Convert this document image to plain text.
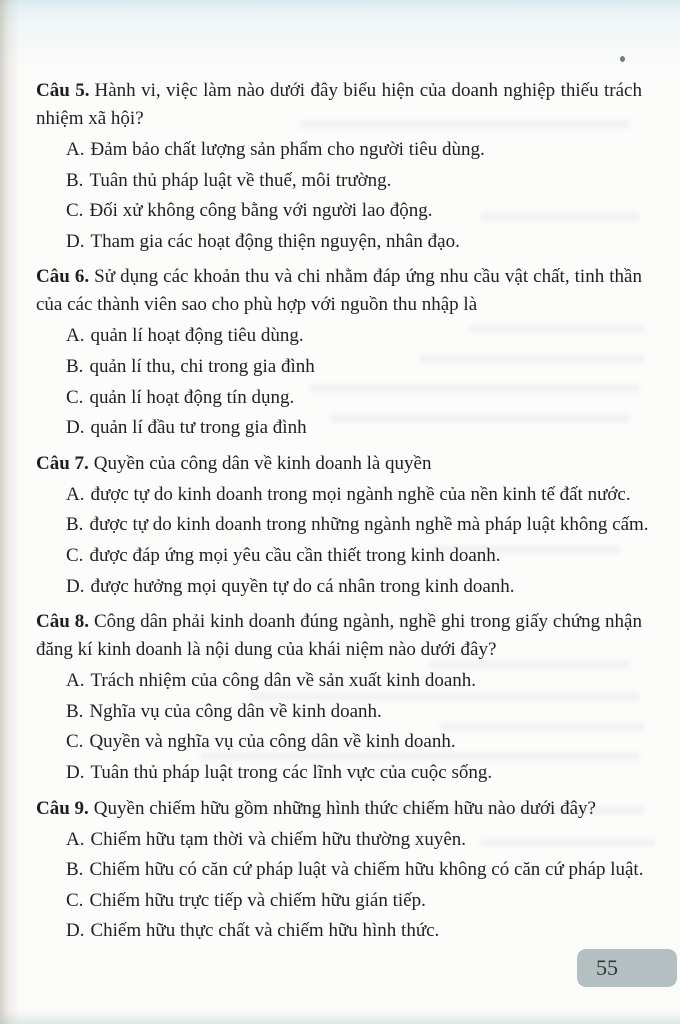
Câu 5. Hành vi, việc làm nào dưới đây biểu hiện của doanh nghiệp thiếu trách nhiệm xã hội?

A. Đảm bảo chất lượng sản phẩm cho người tiêu dùng.

B. Tuân thủ pháp luật về thuế, môi trường.

C. Đối xử không công bằng với người lao động.

D. Tham gia các hoạt động thiện nguyện, nhân đạo.

Câu 6. Sử dụng các khoản thu và chi nhằm đáp ứng nhu cầu vật chất, tinh thần của các thành viên sao cho phù hợp với nguồn thu nhập là

A. quản lí hoạt động tiêu dùng.

B. quản lí thu, chi trong gia đình

C. quản lí hoạt động tín dụng.

D. quản lí đầu tư trong gia đình

Câu 7. Quyền của công dân về kinh doanh là quyền

A. được tự do kinh doanh trong mọi ngành nghề của nền kinh tế đất nước.

B. được tự do kinh doanh trong những ngành nghề mà pháp luật không cấm.

C. được đáp ứng mọi yêu cầu cần thiết trong kinh doanh.

D. được hưởng mọi quyền tự do cá nhân trong kinh doanh.

Câu 8. Công dân phải kinh doanh đúng ngành, nghề ghi trong giấy chứng nhận đăng kí kinh doanh là nội dung của khái niệm nào dưới đây?

A. Trách nhiệm của công dân về sản xuất kinh doanh.

B. Nghĩa vụ của công dân về kinh doanh.

C. Quyền và nghĩa vụ của công dân về kinh doanh.

D. Tuân thủ pháp luật trong các lĩnh vực của cuộc sống.

Câu 9. Quyền chiếm hữu gồm những hình thức chiếm hữu nào dưới đây?

A. Chiếm hữu tạm thời và chiếm hữu thường xuyên.

B. Chiếm hữu có căn cứ pháp luật và chiếm hữu không có căn cứ pháp luật.

C. Chiếm hữu trực tiếp và chiếm hữu gián tiếp.

D. Chiếm hữu thực chất và chiếm hữu hình thức.

55
